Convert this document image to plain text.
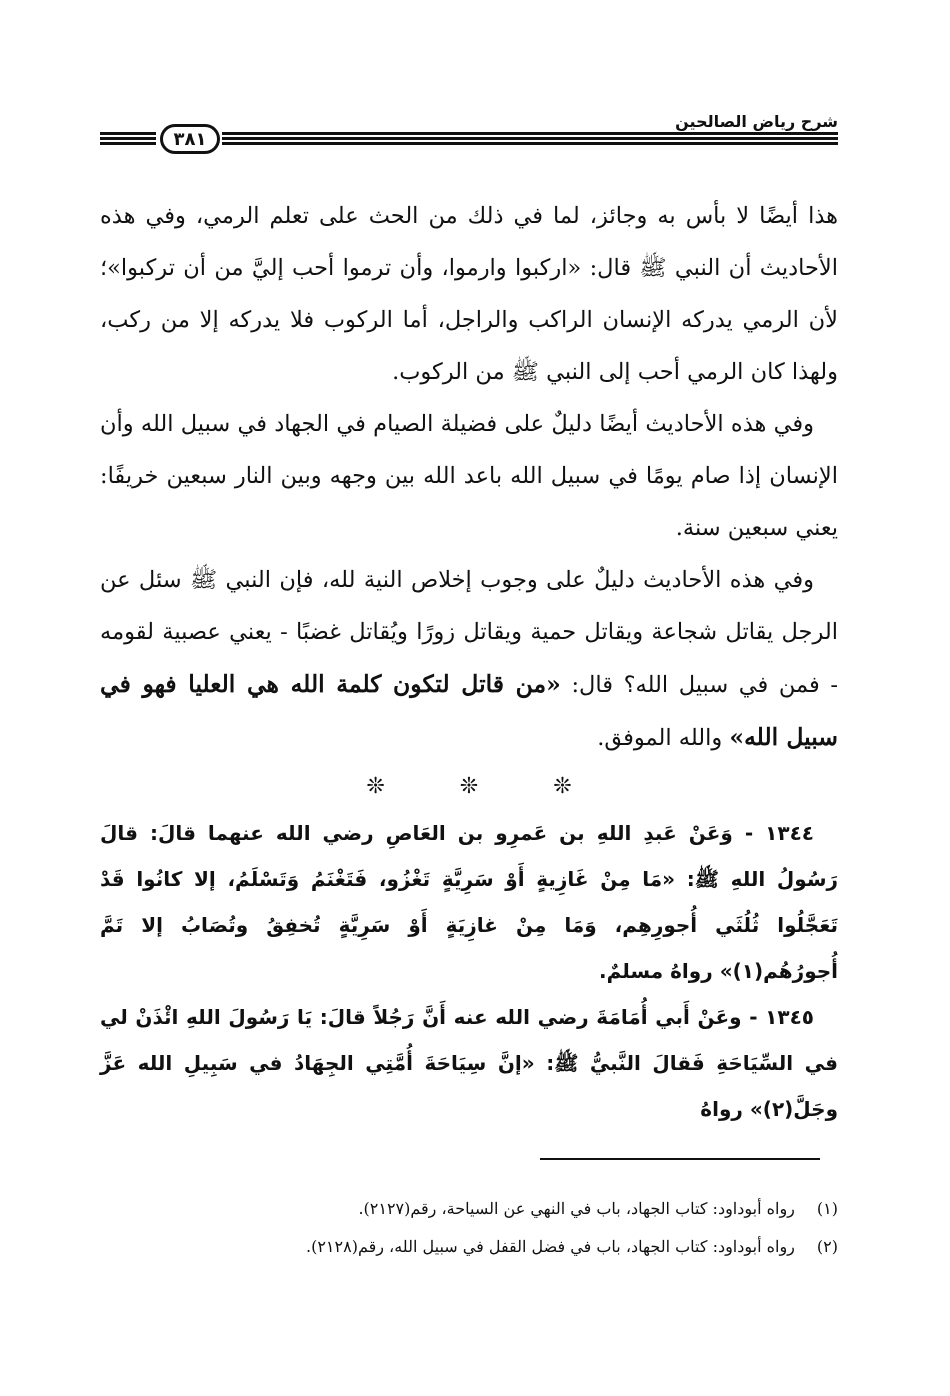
شرح رياض الصالحين
٣٨١

هذا أيضًا لا بأس به وجائز، لما في ذلك من الحث على تعلم الرمي، وفي هذه الأحاديث أن النبي ﷺ قال: «اركبوا وارموا، وأن ترموا أحب إليَّ من أن تركبوا»؛ لأن الرمي يدركه الإنسان الراكب والراجل، أما الركوب فلا يدركه إلا من ركب، ولهذا كان الرمي أحب إلى النبي ﷺ من الركوب.

وفي هذه الأحاديث أيضًا دليلٌ على فضيلة الصيام في الجهاد في سبيل الله وأن الإنسان إذا صام يومًا في سبيل الله باعد الله بين وجهه وبين النار سبعين خريفًا: يعني سبعين سنة.

وفي هذه الأحاديث دليلٌ على وجوب إخلاص النية لله، فإن النبي ﷺ سئل عن الرجل يقاتل شجاعة ويقاتل حمية ويقاتل زورًا ويُقاتل غضبًا - يعني عصبية لقومه - فمن في سبيل الله؟ قال: «من قاتل لتكون كلمة الله هي العليا فهو في سبيل الله» والله الموفق.

❊	❊	❊

١٣٤٤ - وَعَنْ عَبدِ اللهِ بن عَمرِو بن العَاصِ رضي الله عنهما قالَ: قالَ رَسُولُ اللهِ ﷺ: «مَا مِنْ غَازِيةٍ أَوْ سَرِيَّةٍ تَغْزُو، فَتَغْنَمُ وَتَسْلَمُ، إلا كانُوا قَدْ تَعَجَّلُوا ثُلُثَي أُجورِهِم، وَمَا مِنْ غازِيَةٍ أَوْ سَرِيَّةٍ تُخفِقُ وتُصَابُ إلا تَمَّ أُجورُهُم(١)» رواهُ مسلمٌ.

١٣٤٥ - وعَنْ أَبي أُمَامَةَ رضي الله عنه أَنَّ رَجُلاً قالَ: يَا رَسُولَ اللهِ ائْذَنْ لي في السِّيَاحَةِ فَقالَ النَّبيُّ ﷺ: «إنَّ سِيَاحَةَ أُمَّتِي الجِهَادُ في سَبِيلِ الله عَزَّ وجَلَّ(٢)» رواهُ

(١) رواه أبوداود: كتاب الجهاد، باب في النهي عن السياحة، رقم(٢١٢٧).
(٢) رواه أبوداود: كتاب الجهاد، باب في فضل القفل في سبيل الله، رقم(٢١٢٨).
